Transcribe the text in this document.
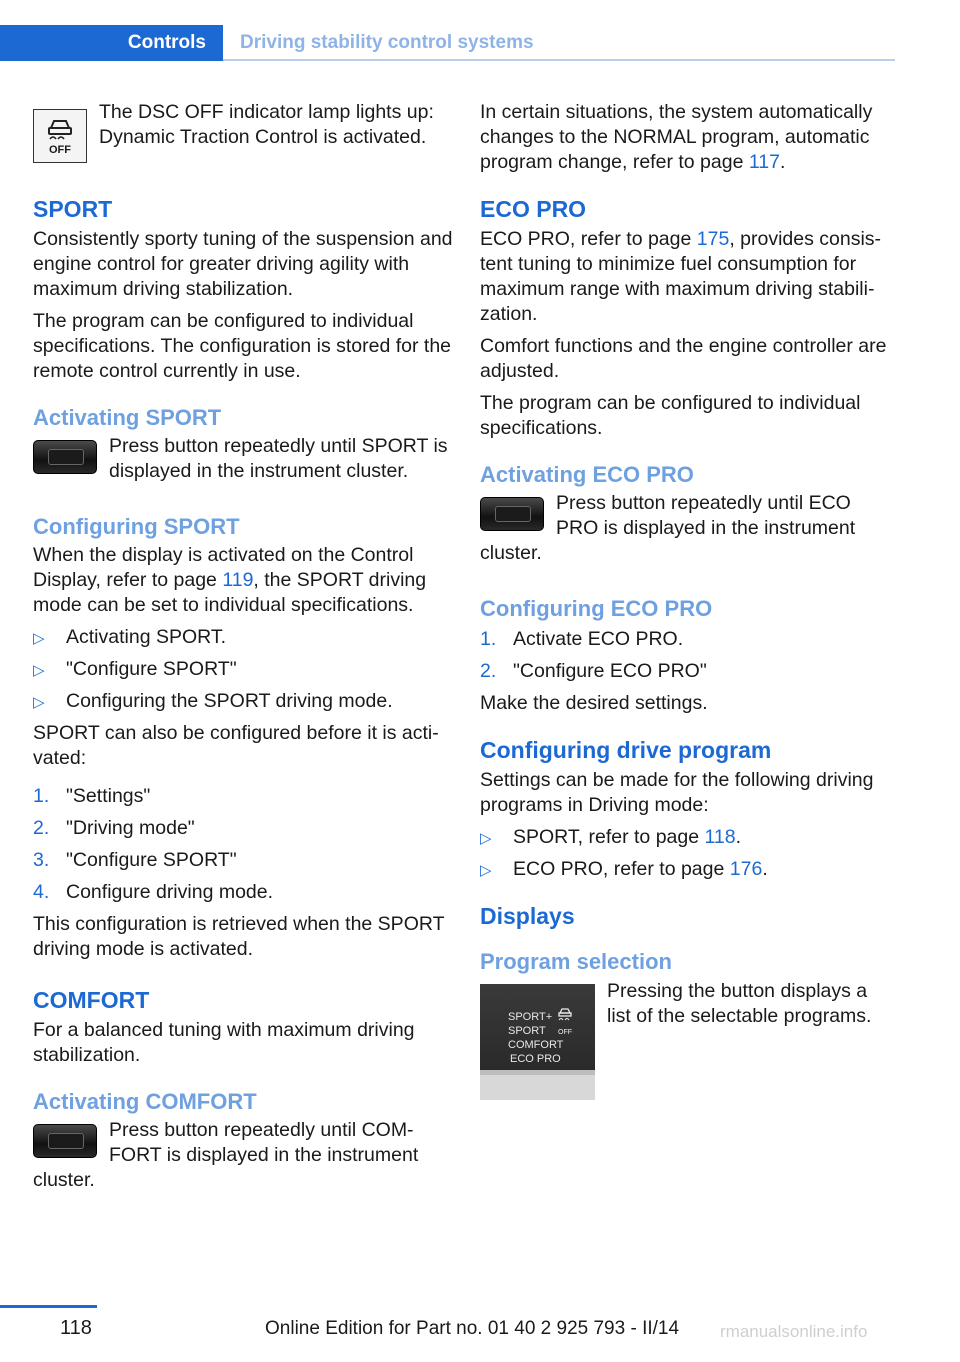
Controls	Driving stability control systems
OFF

The DSC OFF indicator lamp lights up: Dynamic Traction Control is activated.

SPORT

Consistently sporty tuning of the suspension and engine control for greater driving agility with maximum driving stabilization.

The program can be configured to individual specifications. The configuration is stored for the remote control currently in use.

Activating SPORT

Press button repeatedly until SPORT is displayed in the instrument cluster.

Configuring SPORT

When the display is activated on the Control Display, refer to page 119, the SPORT driving mode can be set to individual specifications.

▷ Activating SPORT.
▷ "Configure SPORT"
▷ Configuring the SPORT driving mode.

SPORT can also be configured before it is acti- vated:

1. "Settings"
2. "Driving mode"
3. "Configure SPORT"
4. Configure driving mode.

This configuration is retrieved when the SPORT driving mode is activated.

COMFORT

For a balanced tuning with maximum driving stabilization.

Activating COMFORT

Press button repeatedly until COM- FORT is displayed in the instrument cluster.

In certain situations, the system automatically changes to the NORMAL program, automatic program change, refer to page 117.

ECO PRO

ECO PRO, refer to page 175, provides consis- tent tuning to minimize fuel consumption for maximum range with maximum driving stabili- zation.

Comfort functions and the engine controller are adjusted.

The program can be configured to individual specifications.

Activating ECO PRO

Press button repeatedly until ECO PRO is displayed in the instrument cluster.

Configuring ECO PRO
1. Activate ECO PRO.
2. "Configure ECO PRO"

Make the desired settings.

Configuring drive program

Settings can be made for the following driving programs in Driving mode:

▷ SPORT, refer to page 118.
▷ ECO PRO, refer to page 176.
Displays
Program selection
SPORT+
SPORT
COMFORT
ECO PRO
OFF

Pressing the button displays a list of the selectable programs.

118	Online Edition for Part no. 01 40 2 925 793 - II/14 rmanualsonline.info
